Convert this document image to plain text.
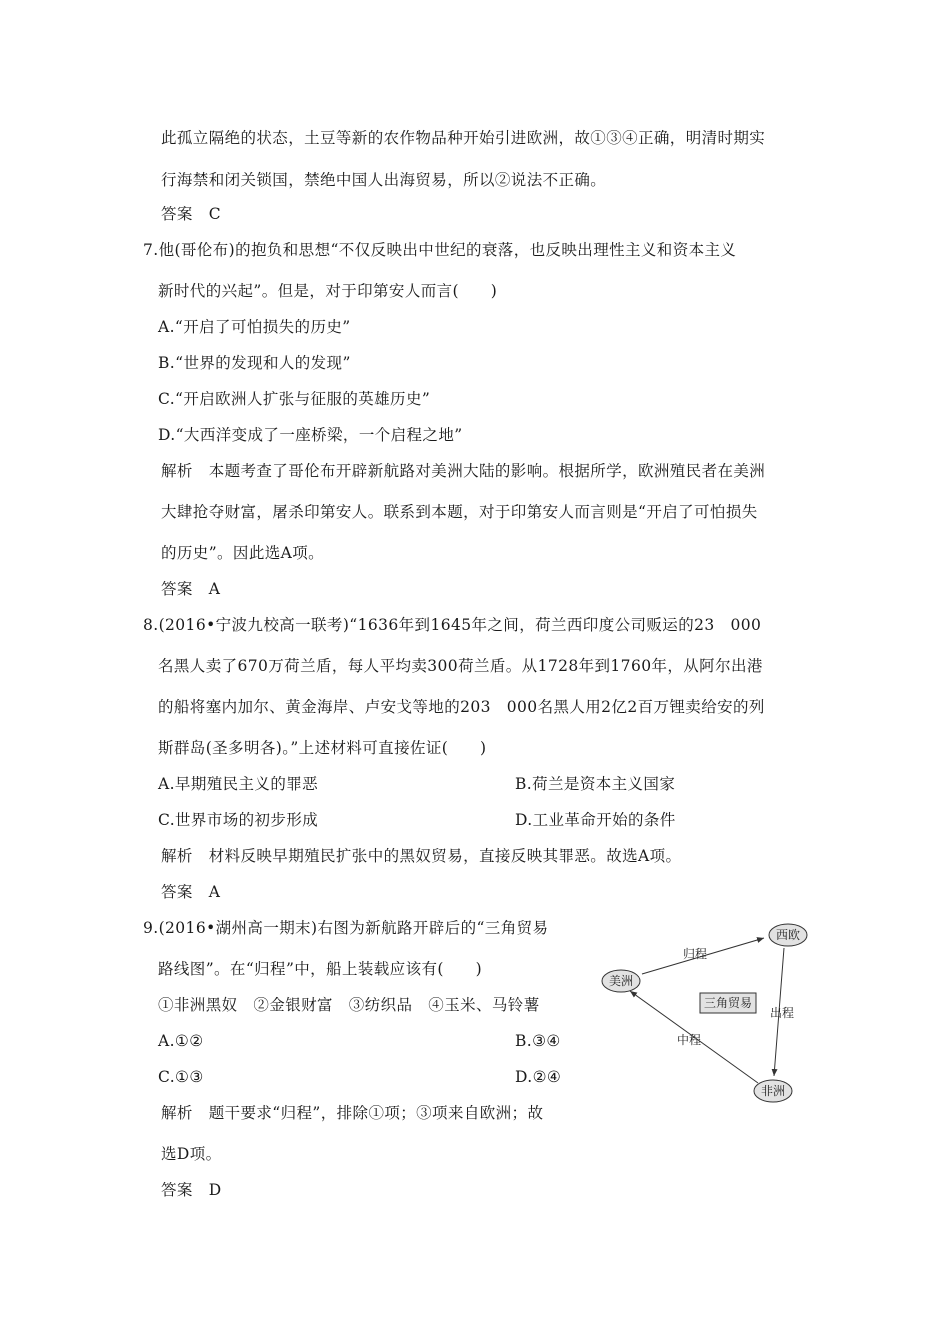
此孤立隔绝的状态，土豆等新的农作物品种开始引进欧洲，故①③④正确，明清时期实
行海禁和闭关锁国，禁绝中国人出海贸易，所以②说法不正确。
答案　C
7.他(哥伦布)的抱负和思想“不仅反映出中世纪的衰落，也反映出理性主义和资本主义
新时代的兴起”。但是，对于印第安人而言(　　)
A.“开启了可怕损失的历史”
B.“世界的发现和人的发现”
C.“开启欧洲人扩张与征服的英雄历史”
D.“大西洋变成了一座桥梁，一个启程之地”
解析　本题考查了哥伦布开辟新航路对美洲大陆的影响。根据所学，欧洲殖民者在美洲
大肆抢夺财富，屠杀印第安人。联系到本题，对于印第安人而言则是“开启了可怕损失
的历史”。因此选A项。
答案　A
8.(2016•宁波九校高一联考)“1636年到1645年之间，荷兰西印度公司贩运的23　000
名黑人卖了670万荷兰盾，每人平均卖300荷兰盾。从1728年到1760年，从阿尔出港
的船将塞内加尔、黄金海岸、卢安戈等地的203　000名黑人用2亿2百万锂卖给安的列
斯群岛(圣多明各)。”上述材料可直接佐证(　　)
A.早期殖民主义的罪恶	B.荷兰是资本主义国家
C.世界市场的初步形成	D.工业革命开始的条件
解析　材料反映早期殖民扩张中的黑奴贸易，直接反映其罪恶。故选A项。
答案　A
9.(2016•湖州高一期末)右图为新航路开辟后的“三角贸易
路线图”。在“归程”中，船上装载应该有(　　)
①非洲黑奴　②金银财富　③纺织品　④玉米、马铃薯
A.①②	B.③④
C.①③	D.②④
解析　题干要求“归程”，排除①项；③项来自欧洲；故
选D项。
答案　D
西欧
美洲
非洲
三角贸易
归程
出程
中程
